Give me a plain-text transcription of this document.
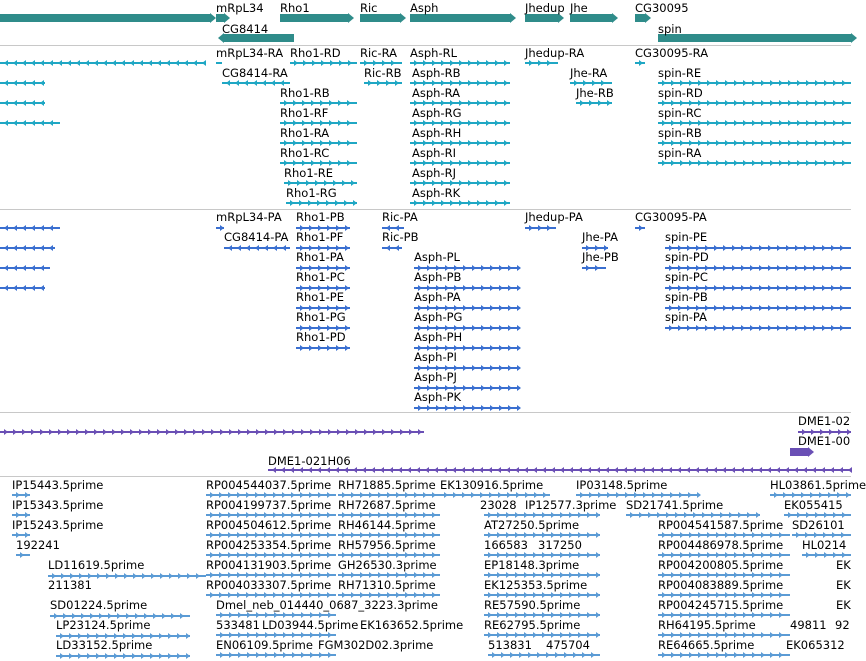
mRpL34
CG8414
Rho1	Ric	Asph	Jhedup Jhe	CG30095
spin
mRpL34-RA
CG8414-RA
Rho1-RD
Rho1-RB
Rho1-RF
Rho1-RA
Rho1-RC
Rho1-RE
Rho1-RG
Ric-RA
Ric-RB
Asph-RL
Asph-RB
Asph-RA
Asph-RG
Asph-RH
Asph-RI
Asph-RJ
Asph-RK
Jhedup-RA
Jhe-RA
Jhe-RB
CG30095-RA
spin-RE
spin-RD
spin-RC
spin-RB
spin-RA
mRpL34-PA
CG8414-PA
Rho1-PB
Rho1-PF
Rho1-PA
Rho1-PC
Rho1-PE
Rho1-PG
Rho1-PD
Ric-PA
Ric-PB
Asph-PL
Asph-PB
Asph-PA
Asph-PG
Asph-PH
Asph-PI
Asph-PJ
Asph-PK
Jhedup-PA
Jhe-PA
Jhe-PB
CG30095-PA
spin-PE
spin-PD
spin-PC
spin-PB
spin-PA
DME1-02
DME1-00
DME1-021H06
IP15443.5prime
IP15343.5prime
IP15243.5prime
192241
LD11619.5prime
211381
SD01224.5prime
LP23124.5prime
LD33152.5prime
RP004544037.5prime
RP004199737.5prime
RP004504612.5prime
RP004253354.5prime
RP004131903.5prime
RP004033307.5prime
Dmel_neb_014440_0687_3223.3prime
533481
EN06109.5prime
RH71885.5prime
RH72687.5prime
RH46144.5prime
RH57956.5prime
GH26530.3prime
RH71310.5prime
LD03944.5prime
FGM302D02.3prime
EK130916.5prime
23028 IP12577.3prime
AT27250.5prime
166583 317250
EP18148.3prime
EK125353.5prime
RE57590.5prime
RE62795.5prime
513831 475704
EK163652.5prime
IP03148.5prime
SD21741.5prime
RP004541587.5prime
RP004486978.5prime
RP004200805.5prime
RP004083889.5prime
RP004245715.5prime
RH64195.5prime	49811 92
RE64665.5prime	EK065312
HL03861.5prime
EK055415
SD26101
HL0214
EK
EK
EK
